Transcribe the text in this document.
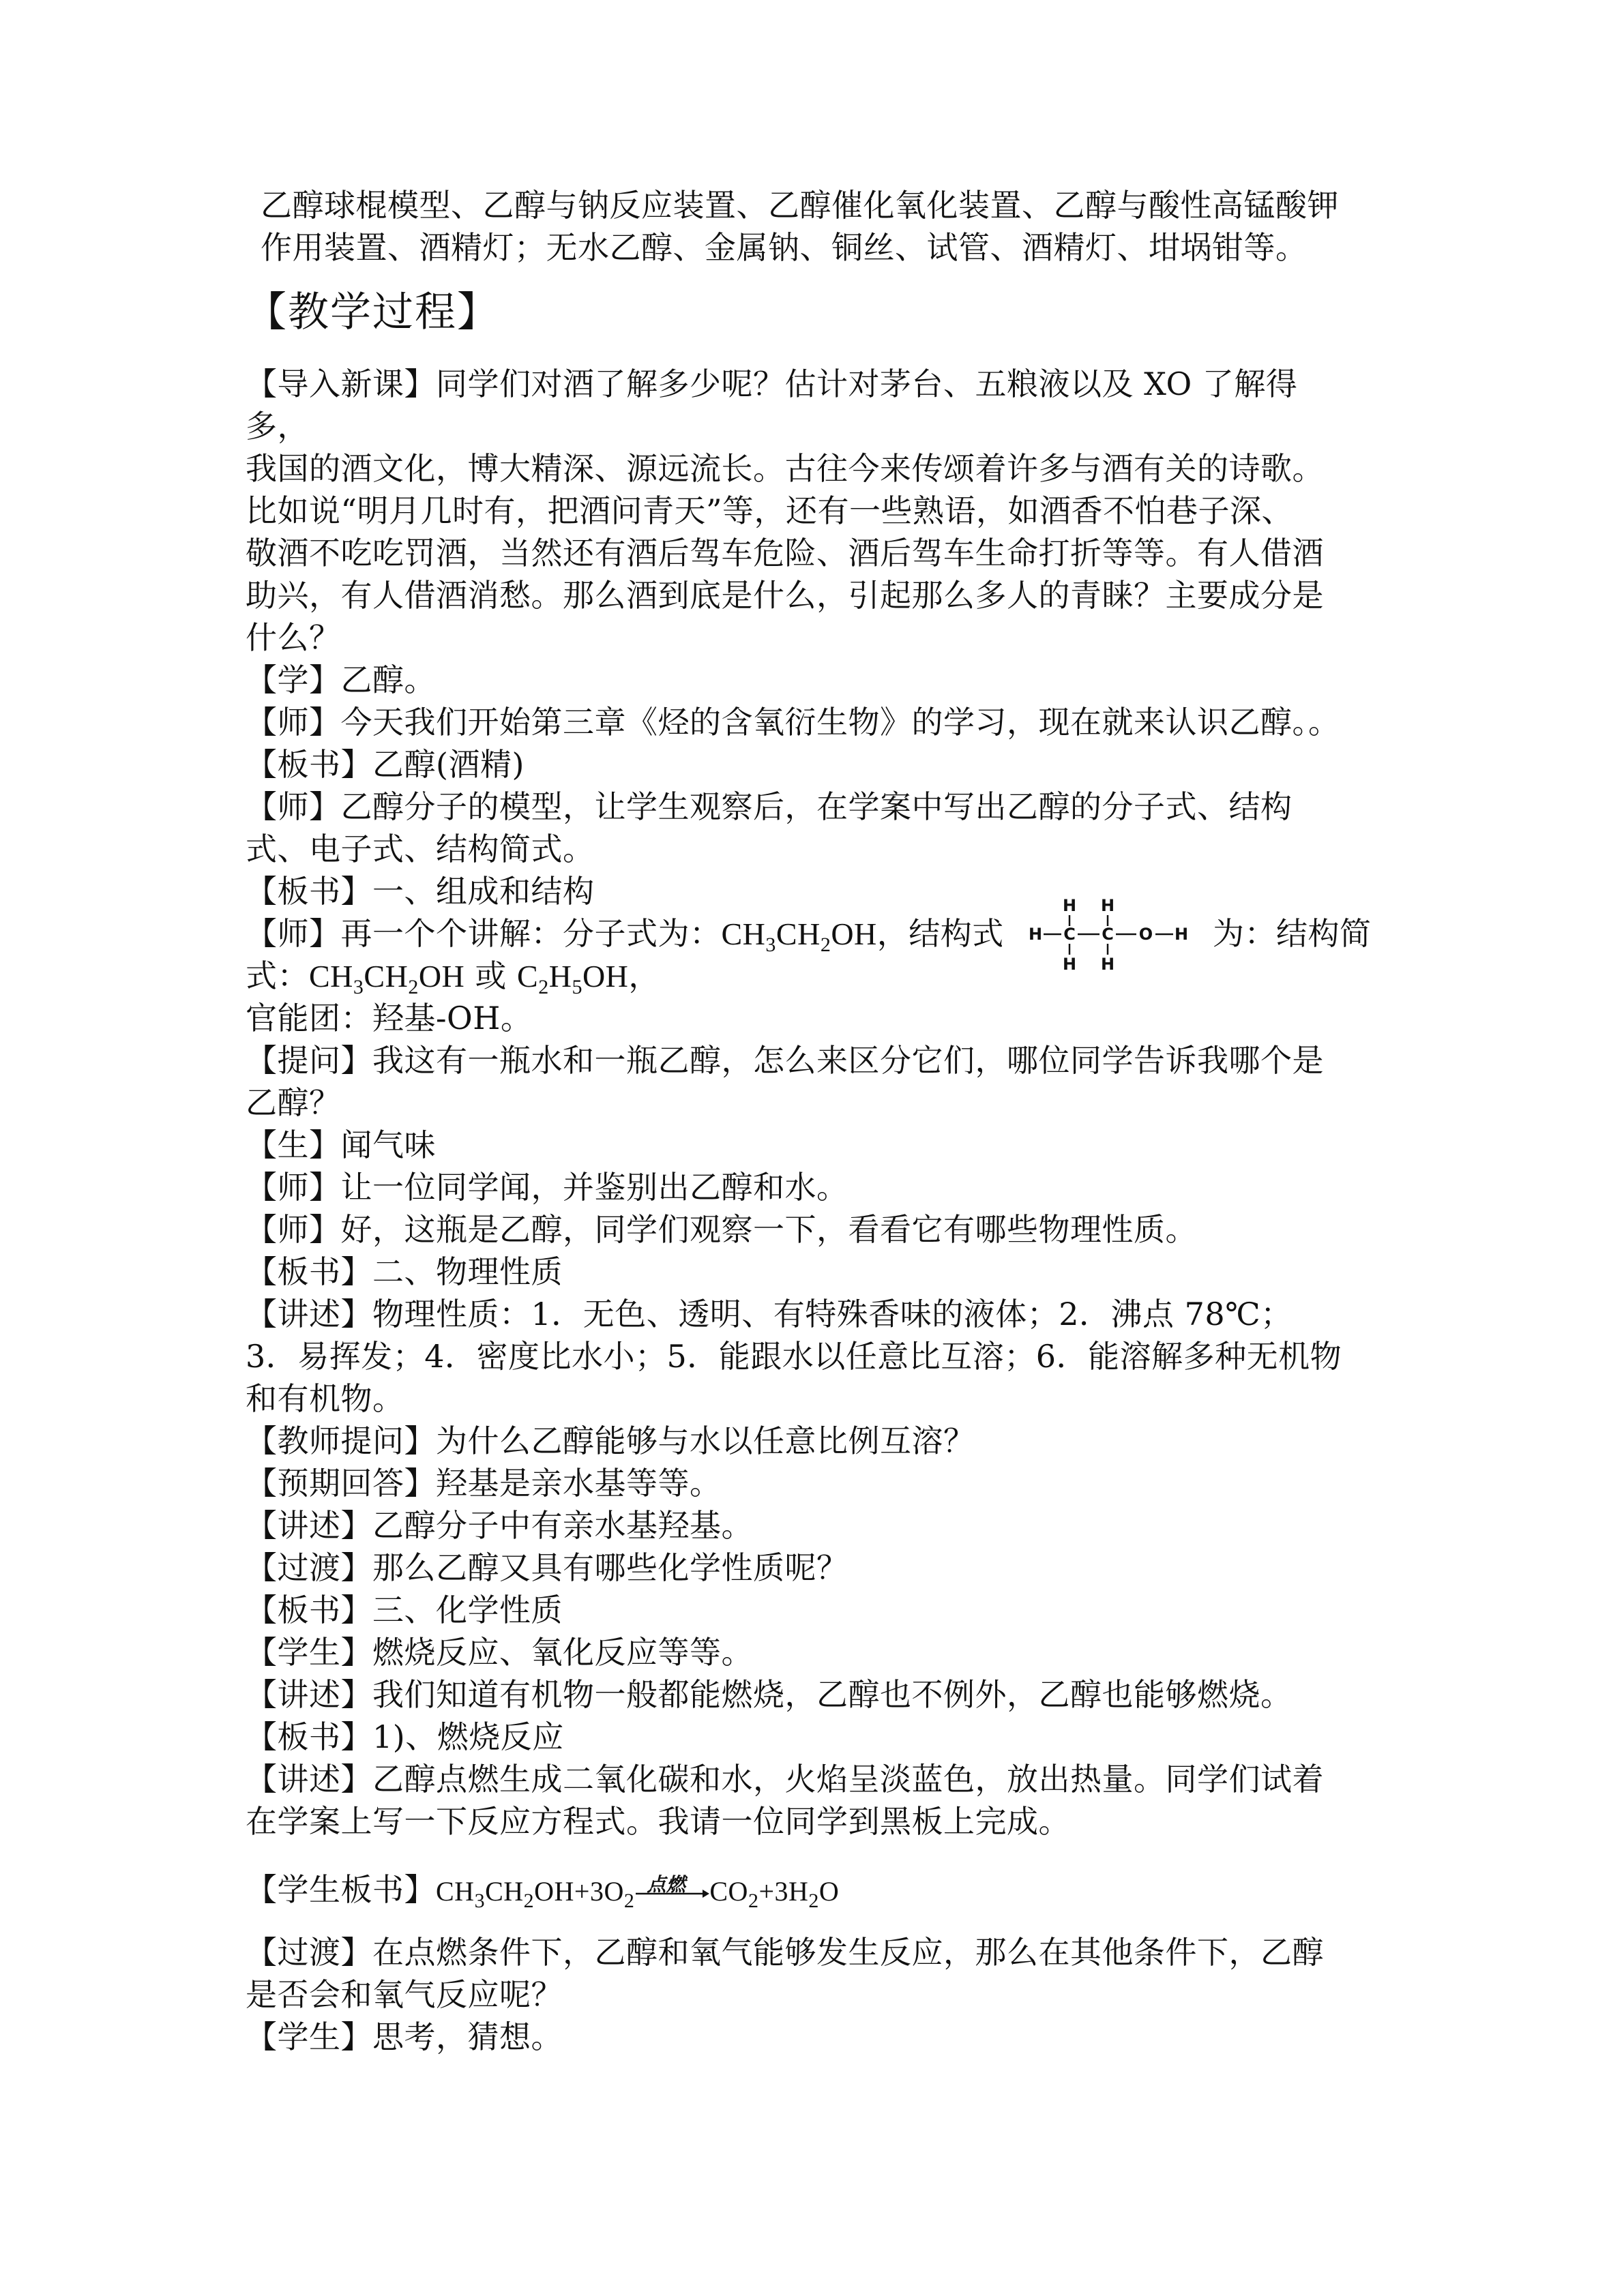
乙醇球棍模型、乙醇与钠反应装置、乙醇催化氧化装置、乙醇与酸性高锰酸钾
作用装置、酒精灯；无水乙醇、金属钠、铜丝、试管、酒精灯、坩埚钳等。
【教学过程】
【导入新课】同学们对酒了解多少呢？估计对茅台、五粮液以及 XO 了解得
多，
我国的酒文化，博大精深、源远流长。古往今来传颂着许多与酒有关的诗歌。
比如说“明月几时有，把酒问青天”等，还有一些熟语，如酒香不怕巷子深、
敬酒不吃吃罚酒，当然还有酒后驾车危险、酒后驾车生命打折等等。有人借酒
助兴，有人借酒消愁。那么酒到底是什么，引起那么多人的青睐？主要成分是
什么？
【学】乙醇。
【师】今天我们开始第三章《烃的含氧衍生物》的学习，现在就来认识乙醇。。
【板书】乙醇(酒精)
【师】乙醇分子的模型，让学生观察后，在学案中写出乙醇的分子式、结构
式、电子式、结构简式。
【板书】一、组成和结构
【师】再一个个讲解：分子式为：$CH_3CH_2OH$，结构式	为：结构简
H H
H C C O H
H H
式：$CH_3CH_2OH$ 或 $C_2H_5OH$，
官能团：羟基-OH。
【提问】我这有一瓶水和一瓶乙醇，怎么来区分它们，哪位同学告诉我哪个是
乙醇？
【生】闻气味
【师】让一位同学闻，并鉴别出乙醇和水。
【师】好，这瓶是乙醇，同学们观察一下，看看它有哪些物理性质。
【板书】二、物理性质
【讲述】物理性质：1．无色、透明、有特殊香味的液体；2．沸点 78℃；
3．易挥发；4．密度比水小；5．能跟水以任意比互溶；6．能溶解多种无机物
和有机物。
【教师提问】为什么乙醇能够与水以任意比例互溶？
【预期回答】羟基是亲水基等等。
【讲述】乙醇分子中有亲水基羟基。
【过渡】那么乙醇又具有哪些化学性质呢？
【板书】三、化学性质
【学生】燃烧反应、氧化反应等等。
【讲述】我们知道有机物一般都能燃烧，乙醇也不例外，乙醇也能够燃烧。
【板书】1)、燃烧反应
【讲述】乙醇点燃生成二氧化碳和水，火焰呈淡蓝色，放出热量。同学们试着
在学案上写一下反应方程式。我请一位同学到黑板上完成。
【学生板书】$CH_3CH_2OH+3O_2$
点燃 $CO_2+3H_2O$
【过渡】在点燃条件下，乙醇和氧气能够发生反应，那么在其他条件下，乙醇
是否会和氧气反应呢？
【学生】思考，猜想。
